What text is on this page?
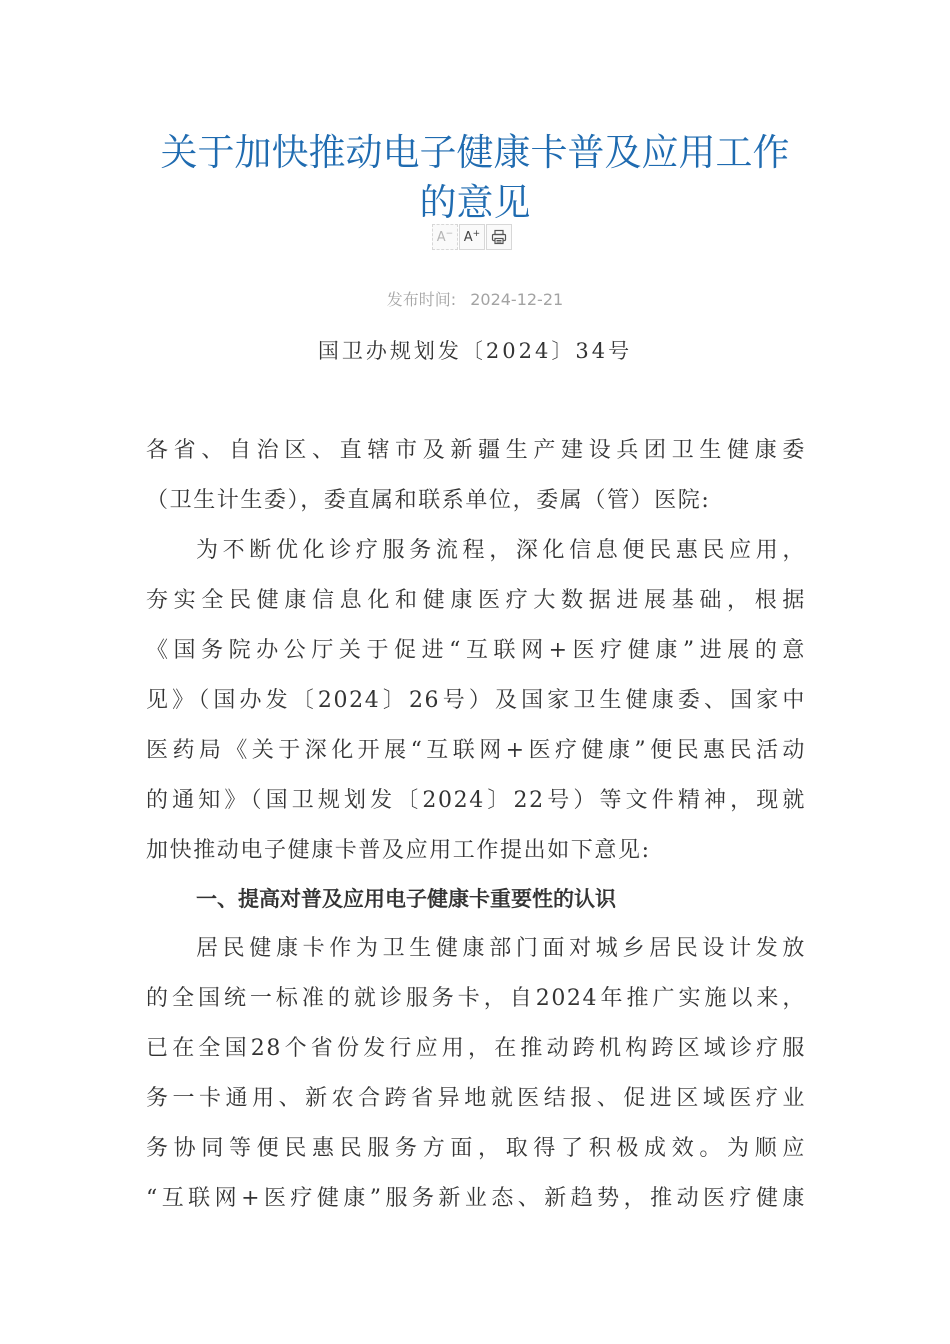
关于加快推动电子健康卡普及应用工作
的意见
A− A+
发布时间: 2024-12-21
国卫办规划发〔2024〕34号
各省、自治区、直辖市及新疆生产建设兵团卫生健康委
（卫生计生委），委直属和联系单位，委属（管）医院:
为不断优化诊疗服务流程，深化信息便民惠民应用，
夯实全民健康信息化和健康医疗大数据进展基础，根据
《国务院办公厅关于促进“互联网+医疗健康”进展的意
见》（国办发〔2024〕26号）及国家卫生健康委、国家中
医药局《关于深化开展“互联网+医疗健康”便民惠民活动
的通知》（国卫规划发〔2024〕22号）等文件精神，现就
加快推动电子健康卡普及应用工作提出如下意见:
一、提高对普及应用电子健康卡重要性的认识
居民健康卡作为卫生健康部门面对城乡居民设计发放
的全国统一标准的就诊服务卡，自2024年推广实施以来，
已在全国28个省份发行应用，在推动跨机构跨区域诊疗服
务一卡通用、新农合跨省异地就医结报、促进区域医疗业
务协同等便民惠民服务方面，取得了积极成效。为顺应
“互联网+医疗健康”服务新业态、新趋势，推动医疗健康
